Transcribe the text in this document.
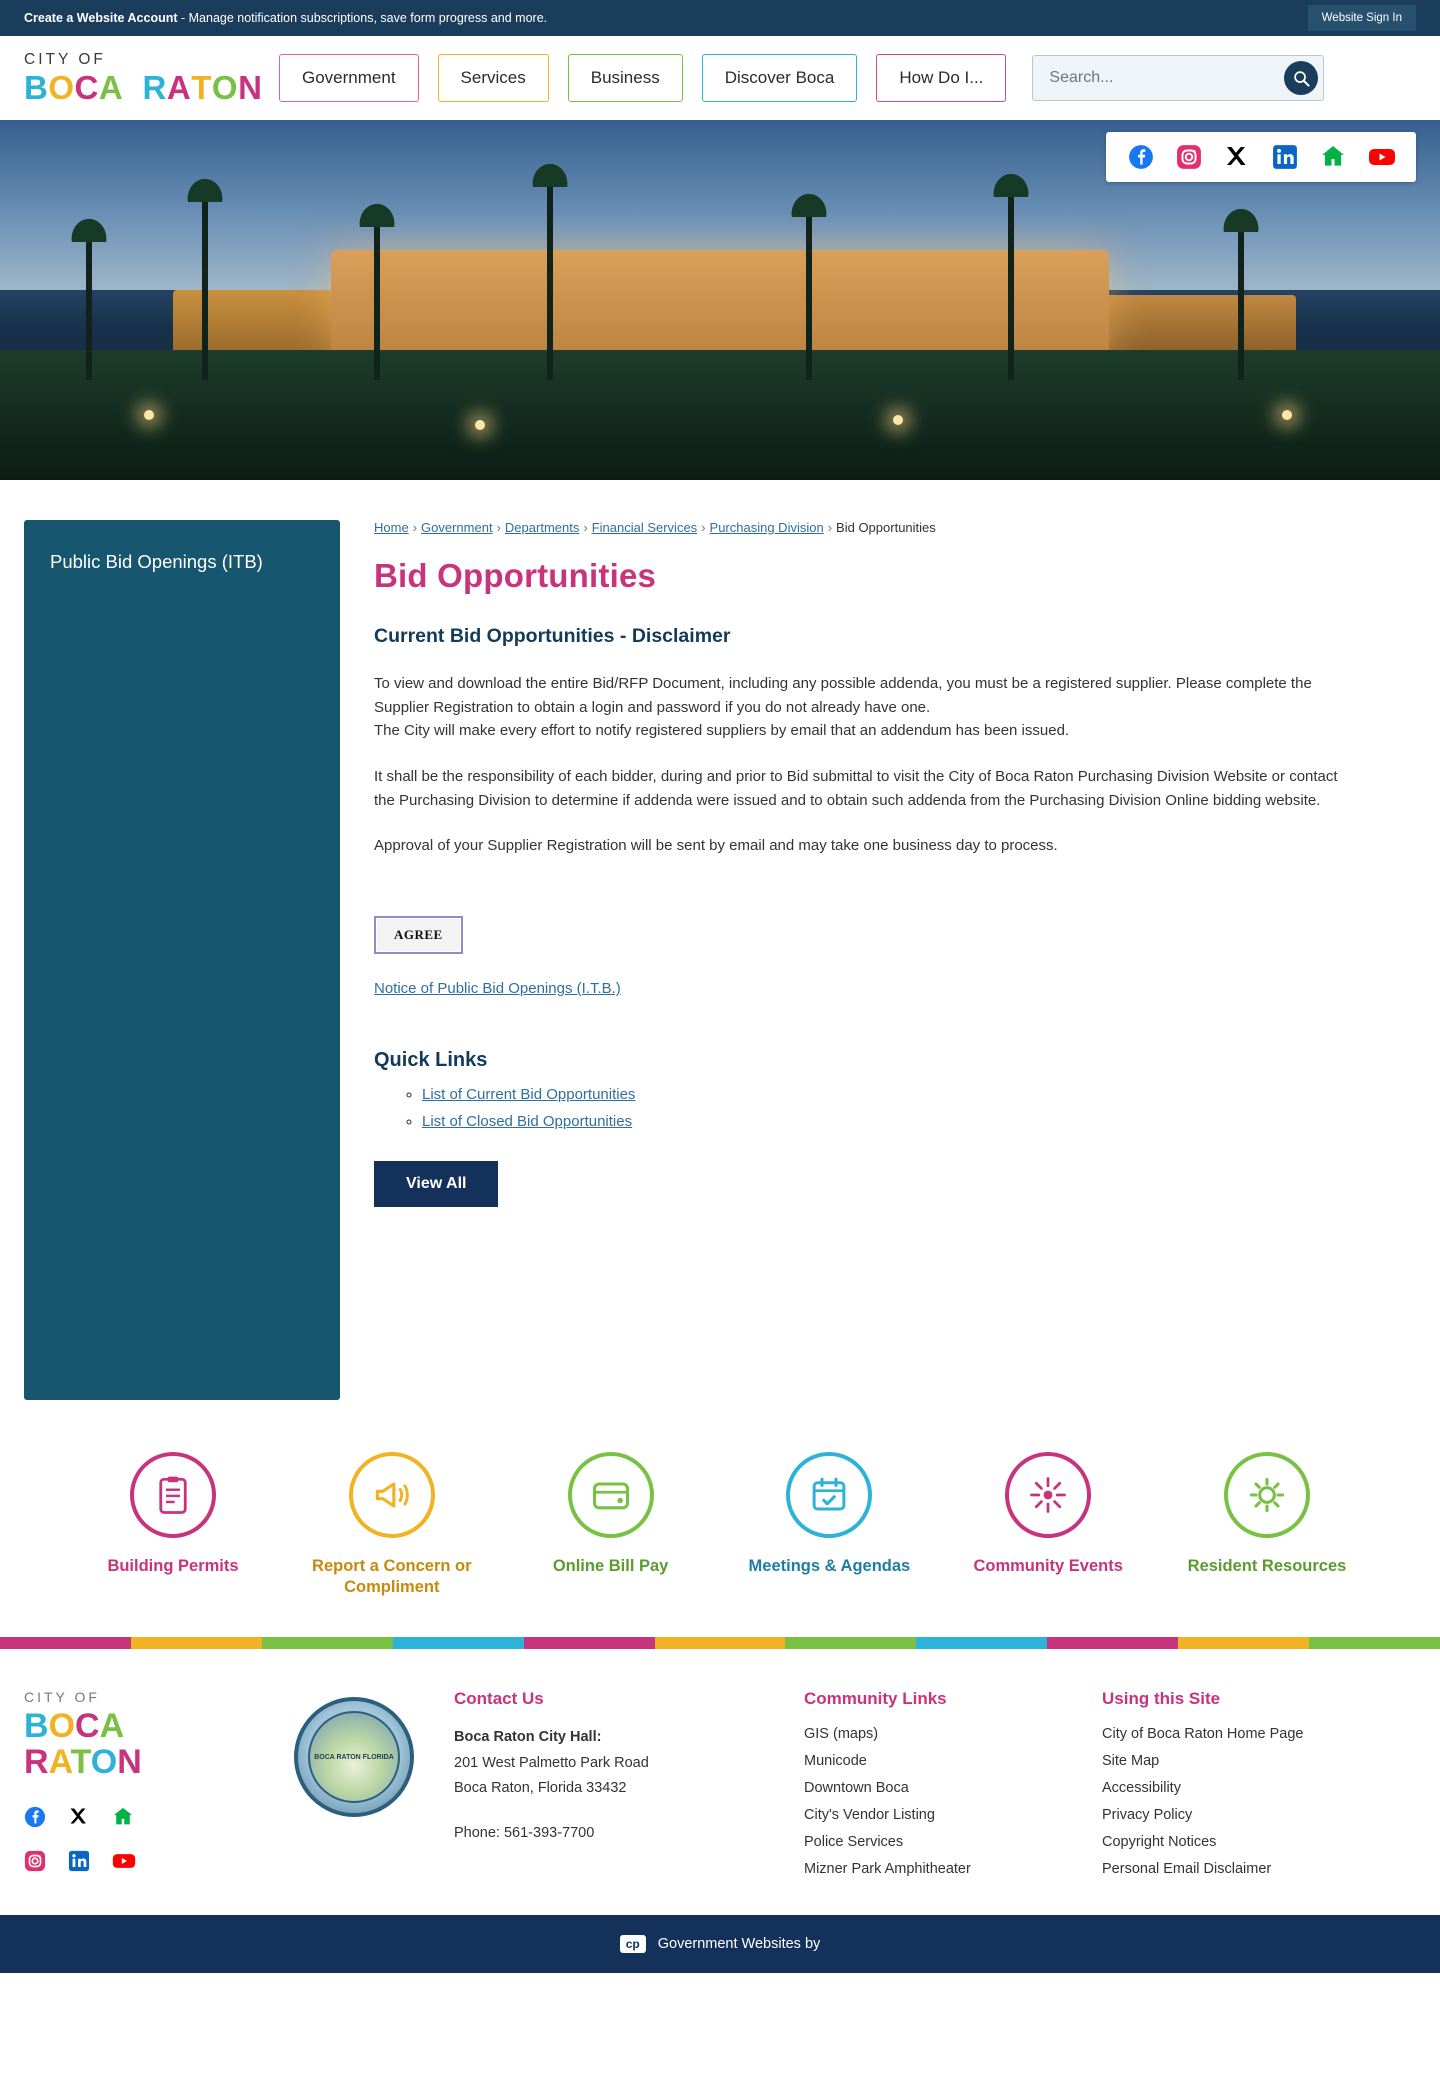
Create a Website Account - Manage notification subscriptions, save form progress and more.	Website Sign In
CITY OF
BOCA  RATON	Government	Services	Business	Discover Boca	How Do I...
Search...
Public Bid Openings (ITB)
Home › Government › Departments › Financial Services › Purchasing Division › Bid Opportunities
Bid Opportunities
Current Bid Opportunities - Disclaimer

To view and download the entire Bid/RFP Document, including any possible addenda, you must be a registered supplier. Please complete the Supplier Registration to obtain a login and password if you do not already have one.
The City will make every effort to notify registered suppliers by email that an addendum has been issued.

It shall be the responsibility of each bidder, during and prior to Bid submittal to visit the City of Boca Raton Purchasing Division Website or contact the Purchasing Division to determine if addenda were issued and to obtain such addenda from the Purchasing Division Online bidding website.

Approval of your Supplier Registration will be sent by email and may take one business day to process.

AGREE
Notice of Public Bid Openings (I.T.B.)
Quick Links
◦ List of Current Bid Opportunities
◦ List of Closed Bid Opportunities
View All
Building Permits	Report a Concern or Compliment
Online Bill Pay	Meetings & Agendas	Community Events	Resident Resources
CITY OF
BOCA
RATON	BOCA RATON FLORIDA
Contact Us
Boca Raton City Hall:
201 West Palmetto Park Road
Boca Raton, Florida 33432
Phone: 561-393-7700
Community Links
GIS (maps)
Municode
Downtown Boca
City's Vendor Listing
Police Services
Mizner Park Amphitheater
Using this Site
City of Boca Raton Home Page
Site Map
Accessibility
Privacy Policy
Copyright Notices
Personal Email Disclaimer
cp	Government Websites by
